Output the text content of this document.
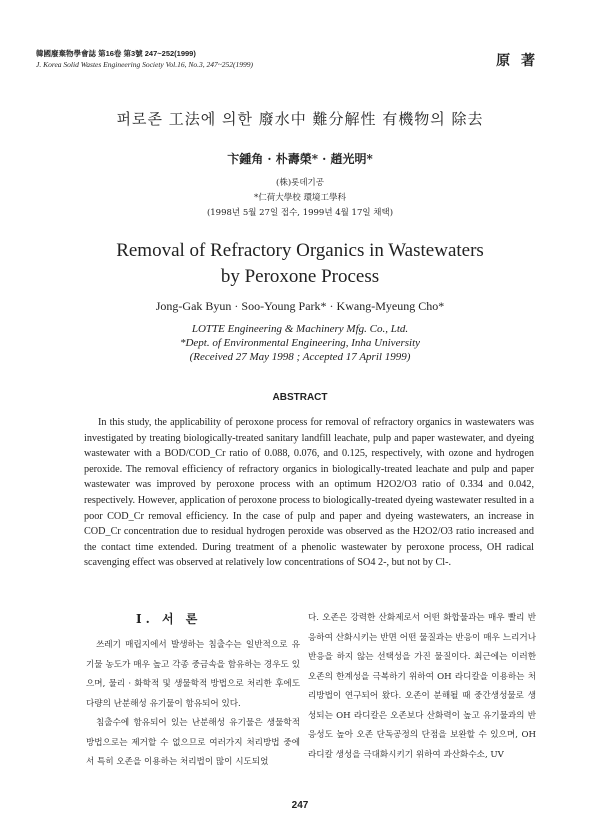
韓國廢棄物學會誌 第16卷 第3號 247~252(1999)
J. Korea Solid Wastes Engineering Society Vol.16, No.3, 247~252(1999)	原 著
퍼로존 工法에 의한 廢水中 難分解性 有機物의 除去
卞鍾角 · 朴壽榮* · 趙光明*
(株)롯데기공
*仁荷大學校 環境工學科
(1998년 5월 27일 접수, 1999년 4월 17일 채택)
Removal of Refractory Organics in Wastewaters
by Peroxone Process
Jong-Gak Byun · Soo-Young Park* · Kwang-Myeung Cho*
LOTTE Engineering & Machinery Mfg. Co., Ltd.
*Dept. of Environmental Engineering, Inha University
(Received 27 May 1998 ; Accepted 17 April 1999)
ABSTRACT

In this study, the applicability of peroxone process for removal of refractory organics in wastewaters was investigated by treating biologically-treated sanitary landfill leachate, pulp and paper wastewater, and dyeing wastewater with a BOD/COD_Cr ratio of 0.088, 0.076, and 0.125, respectively, with ozone and hydrogen peroxide. The removal efficiency of refractory organics in biologically-treated leachate and pulp and paper wastewater was improved by peroxone process with an optimum H2O2/O3 ratio of 0.334 and 0.042, respectively. However, application of peroxone process to biologically-treated dyeing wastewater resulted in a poor COD_Cr removal efficiency. In the case of pulp and paper and dyeing wastewaters, an increase in COD_Cr concentration due to residual hydrogen peroxide was observed as the H2O2/O3 ratio increased and the contact time extended. During treatment of a phenolic wastewater by peroxone process, OH radical scavenging effect was observed at relatively low concentrations of SO4 2-, but not by Cl-.

I. 서 론

쓰레기 매립지에서 발생하는 침출수는 일반적으로 유기물 농도가 매우 높고 각종 중금속을 함유하는 경우도 있으며, 물리 · 화학적 및 생물학적 방법으로 처리한 후에도 다량의 난분해성 유기물이 함유되어 있다.

침출수에 함유되어 있는 난분해성 유기물은 생물학적 방법으로는 제거할 수 없으므로 여러가지 처리방법 중에서 특히 오존을 이용하는 처리법이 많이 시도되었

다. 오존은 강력한 산화제로서 어떤 화합물과는 매우 빨리 반응하여 산화시키는 반면 어떤 물질과는 반응이 매우 느리거나 반응을 하지 않는 선택성을 가진 물질이다. 최근에는 이러한 오존의 한계성을 극복하기 위하여 OH 라디칼을 이용하는 처리방법이 연구되어 왔다. 오존이 분해될 때 중간생성물로 생성되는 OH 라디칼은 오존보다 산화력이 높고 유기물과의 반응성도 높아 오존 단독공정의 단점을 보완할 수 있으며, OH 라디칼 생성을 극대화시키기 위하여 과산화수소, UV

247
